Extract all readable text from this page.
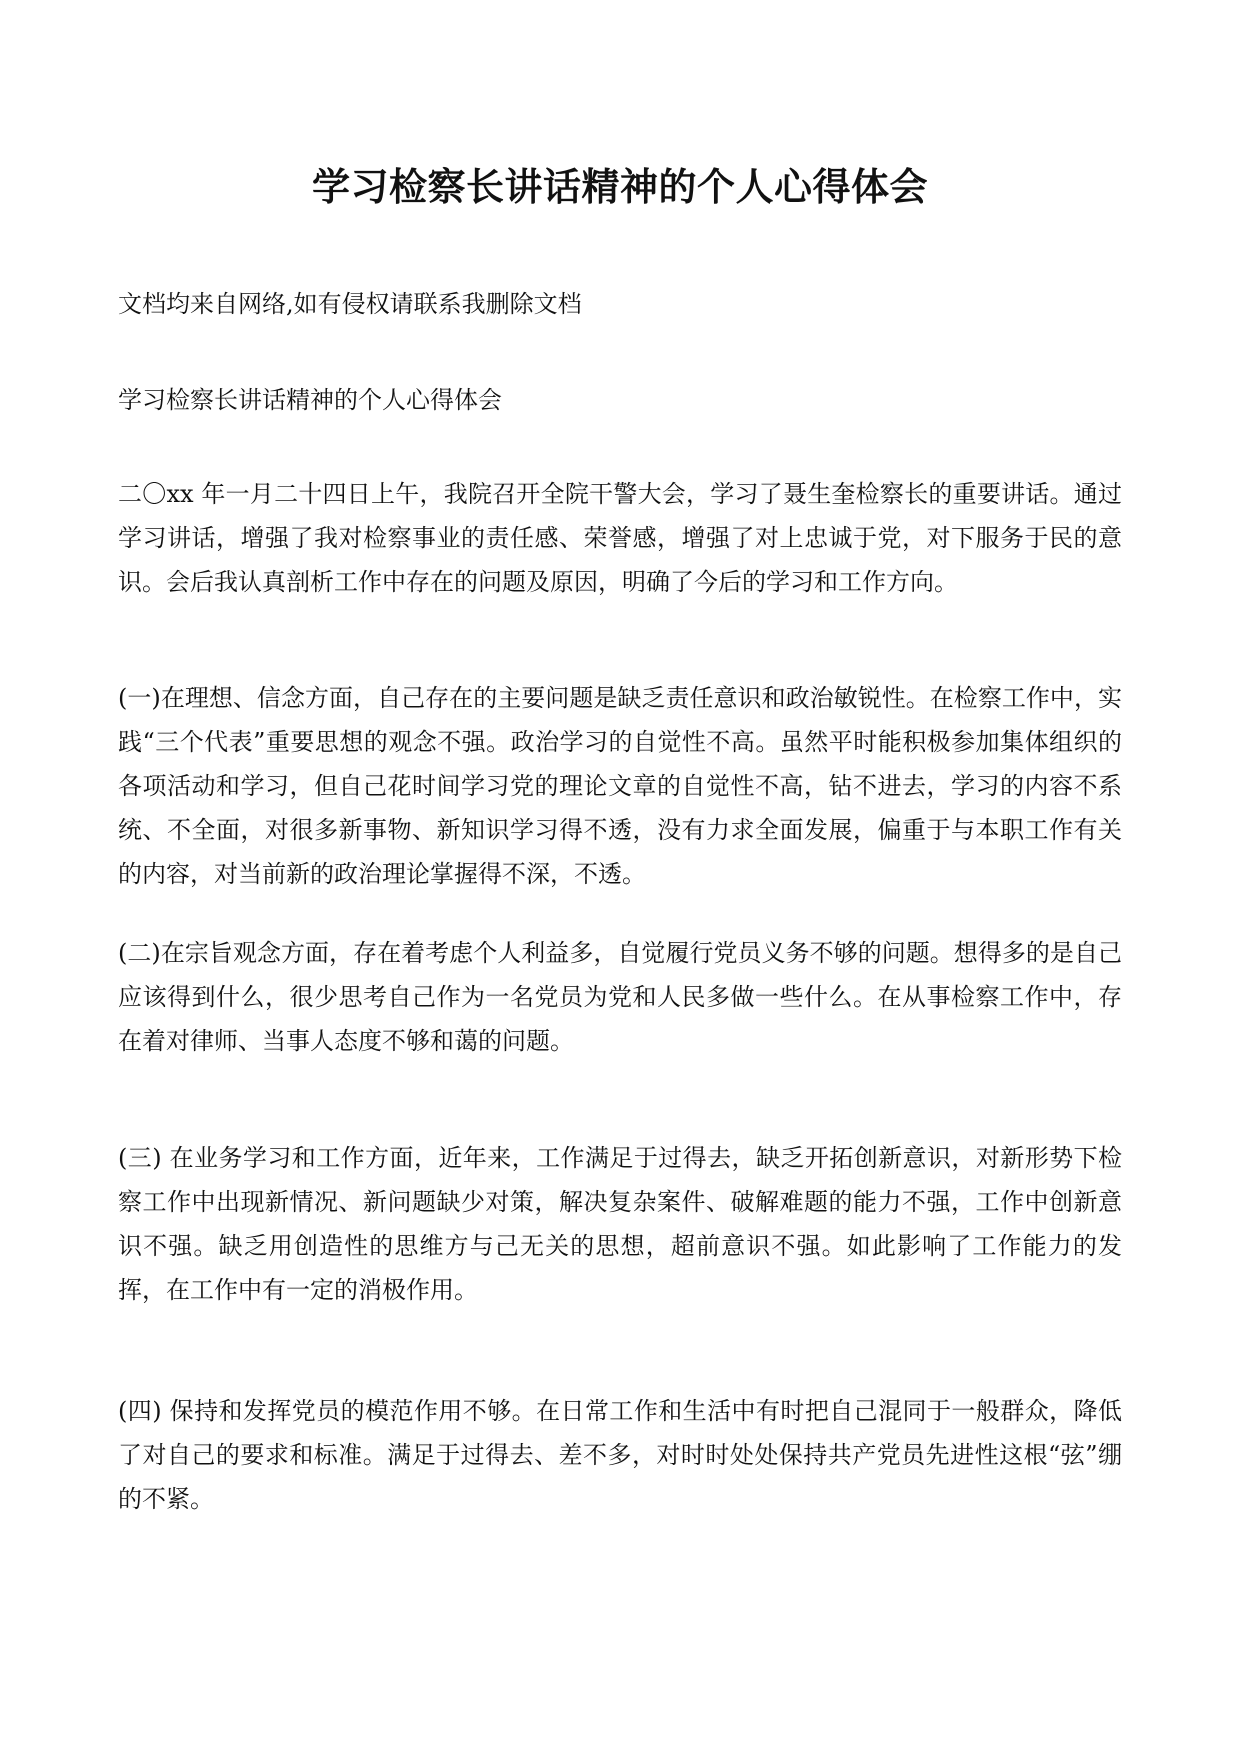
学习检察长讲话精神的个人心得体会

文档均来自网络,如有侵权请联系我删除文档

学习检察长讲话精神的个人心得体会

二〇xx 年一月二十四日上午，我院召开全院干警大会，学习了聂生奎检察长的重要讲话。通过学习讲话，增强了我对检察事业的责任感、荣誉感，增强了对上忠诚于党，对下服务于民的意识。会后我认真剖析工作中存在的问题及原因，明确了今后的学习和工作方向。

(一)在理想、信念方面，自己存在的主要问题是缺乏责任意识和政治敏锐性。在检察工作中，实践“三个代表”重要思想的观念不强。政治学习的自觉性不高。虽然平时能积极参加集体组织的各项活动和学习，但自己花时间学习党的理论文章的自觉性不高，钻不进去，学习的内容不系统、不全面，对很多新事物、新知识学习得不透，没有力求全面发展，偏重于与本职工作有关的内容，对当前新的政治理论掌握得不深，不透。

(二)在宗旨观念方面，存在着考虑个人利益多，自觉履行党员义务不够的问题。想得多的是自己应该得到什么，很少思考自己作为一名党员为党和人民多做一些什么。在从事检察工作中，存在着对律师、当事人态度不够和蔼的问题。

(三) 在业务学习和工作方面，近年来，工作满足于过得去，缺乏开拓创新意识，对新形势下检察工作中出现新情况、新问题缺少对策，解决复杂案件、破解难题的能力不强，工作中创新意识不强。缺乏用创造性的思维方与己无关的思想，超前意识不强。如此影响了工作能力的发挥，在工作中有一定的消极作用。

(四) 保持和发挥党员的模范作用不够。在日常工作和生活中有时把自己混同于一般群众，降低了对自己的要求和标准。满足于过得去、差不多，对时时处处保持共产党员先进性这根“弦”绷的不紧。
